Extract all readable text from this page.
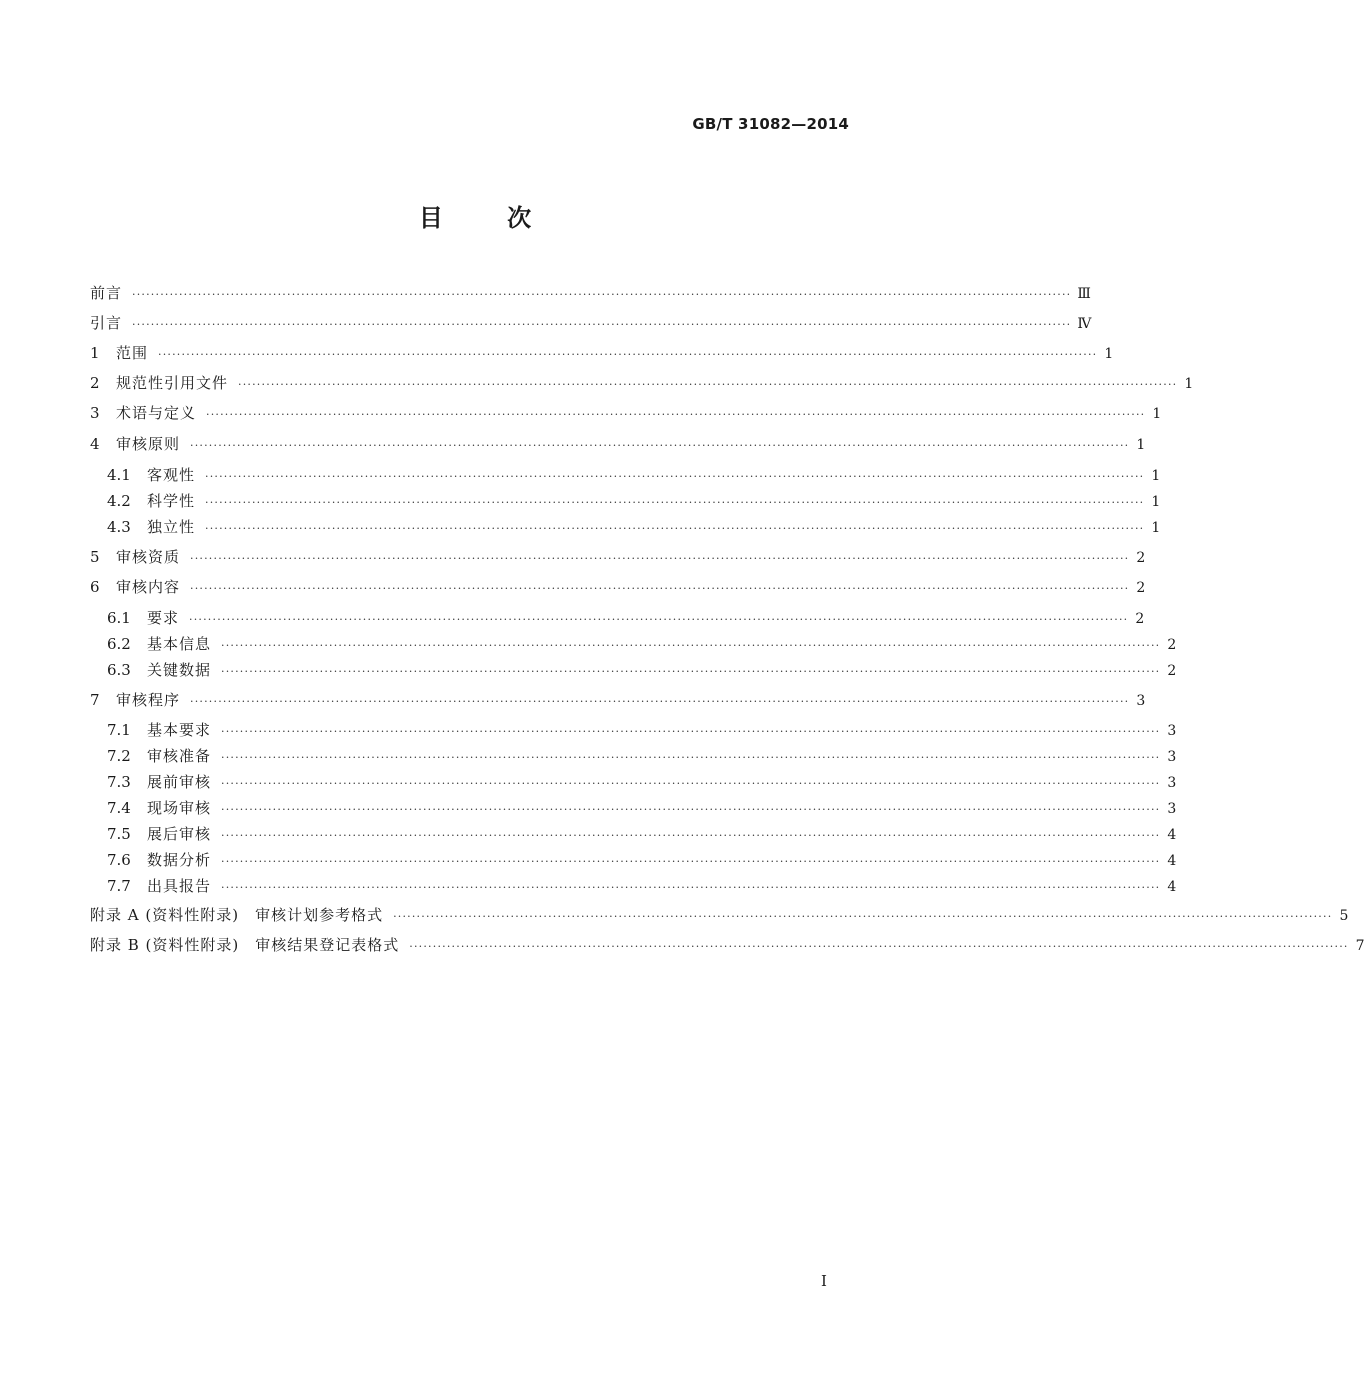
GB/T 31082—2014
目	次
前言 ········································································································································································································ Ⅲ
引言 ········································································································································································································ Ⅳ
1	范围 ········································································································································································································ 1
2	规范性引用文件 ········································································································································································································ 1
3	术语与定义 ········································································································································································································ 1
4	审核原则 ········································································································································································································ 1
4.1	客观性 ········································································································································································································ 1
4.2	科学性 ········································································································································································································ 1
4.3	独立性 ········································································································································································································ 1
5	审核资质 ········································································································································································································ 2
6	审核内容 ········································································································································································································ 2
6.1	要求 ········································································································································································································ 2
6.2	基本信息 ········································································································································································································ 2
6.3	关键数据 ········································································································································································································ 2
7	审核程序 ········································································································································································································ 3
7.1	基本要求 ········································································································································································································ 3
7.2	审核准备 ········································································································································································································ 3
7.3	展前审核 ········································································································································································································ 3
7.4	现场审核 ········································································································································································································ 3
7.5	展后审核 ········································································································································································································ 4
7.6	数据分析 ········································································································································································································ 4
7.7	出具报告 ········································································································································································································ 4
附录 A (资料性附录)　审核计划参考格式 ········································································································································································································ 5
附录 B (资料性附录)　审核结果登记表格式 ········································································································································································································ 7
I
